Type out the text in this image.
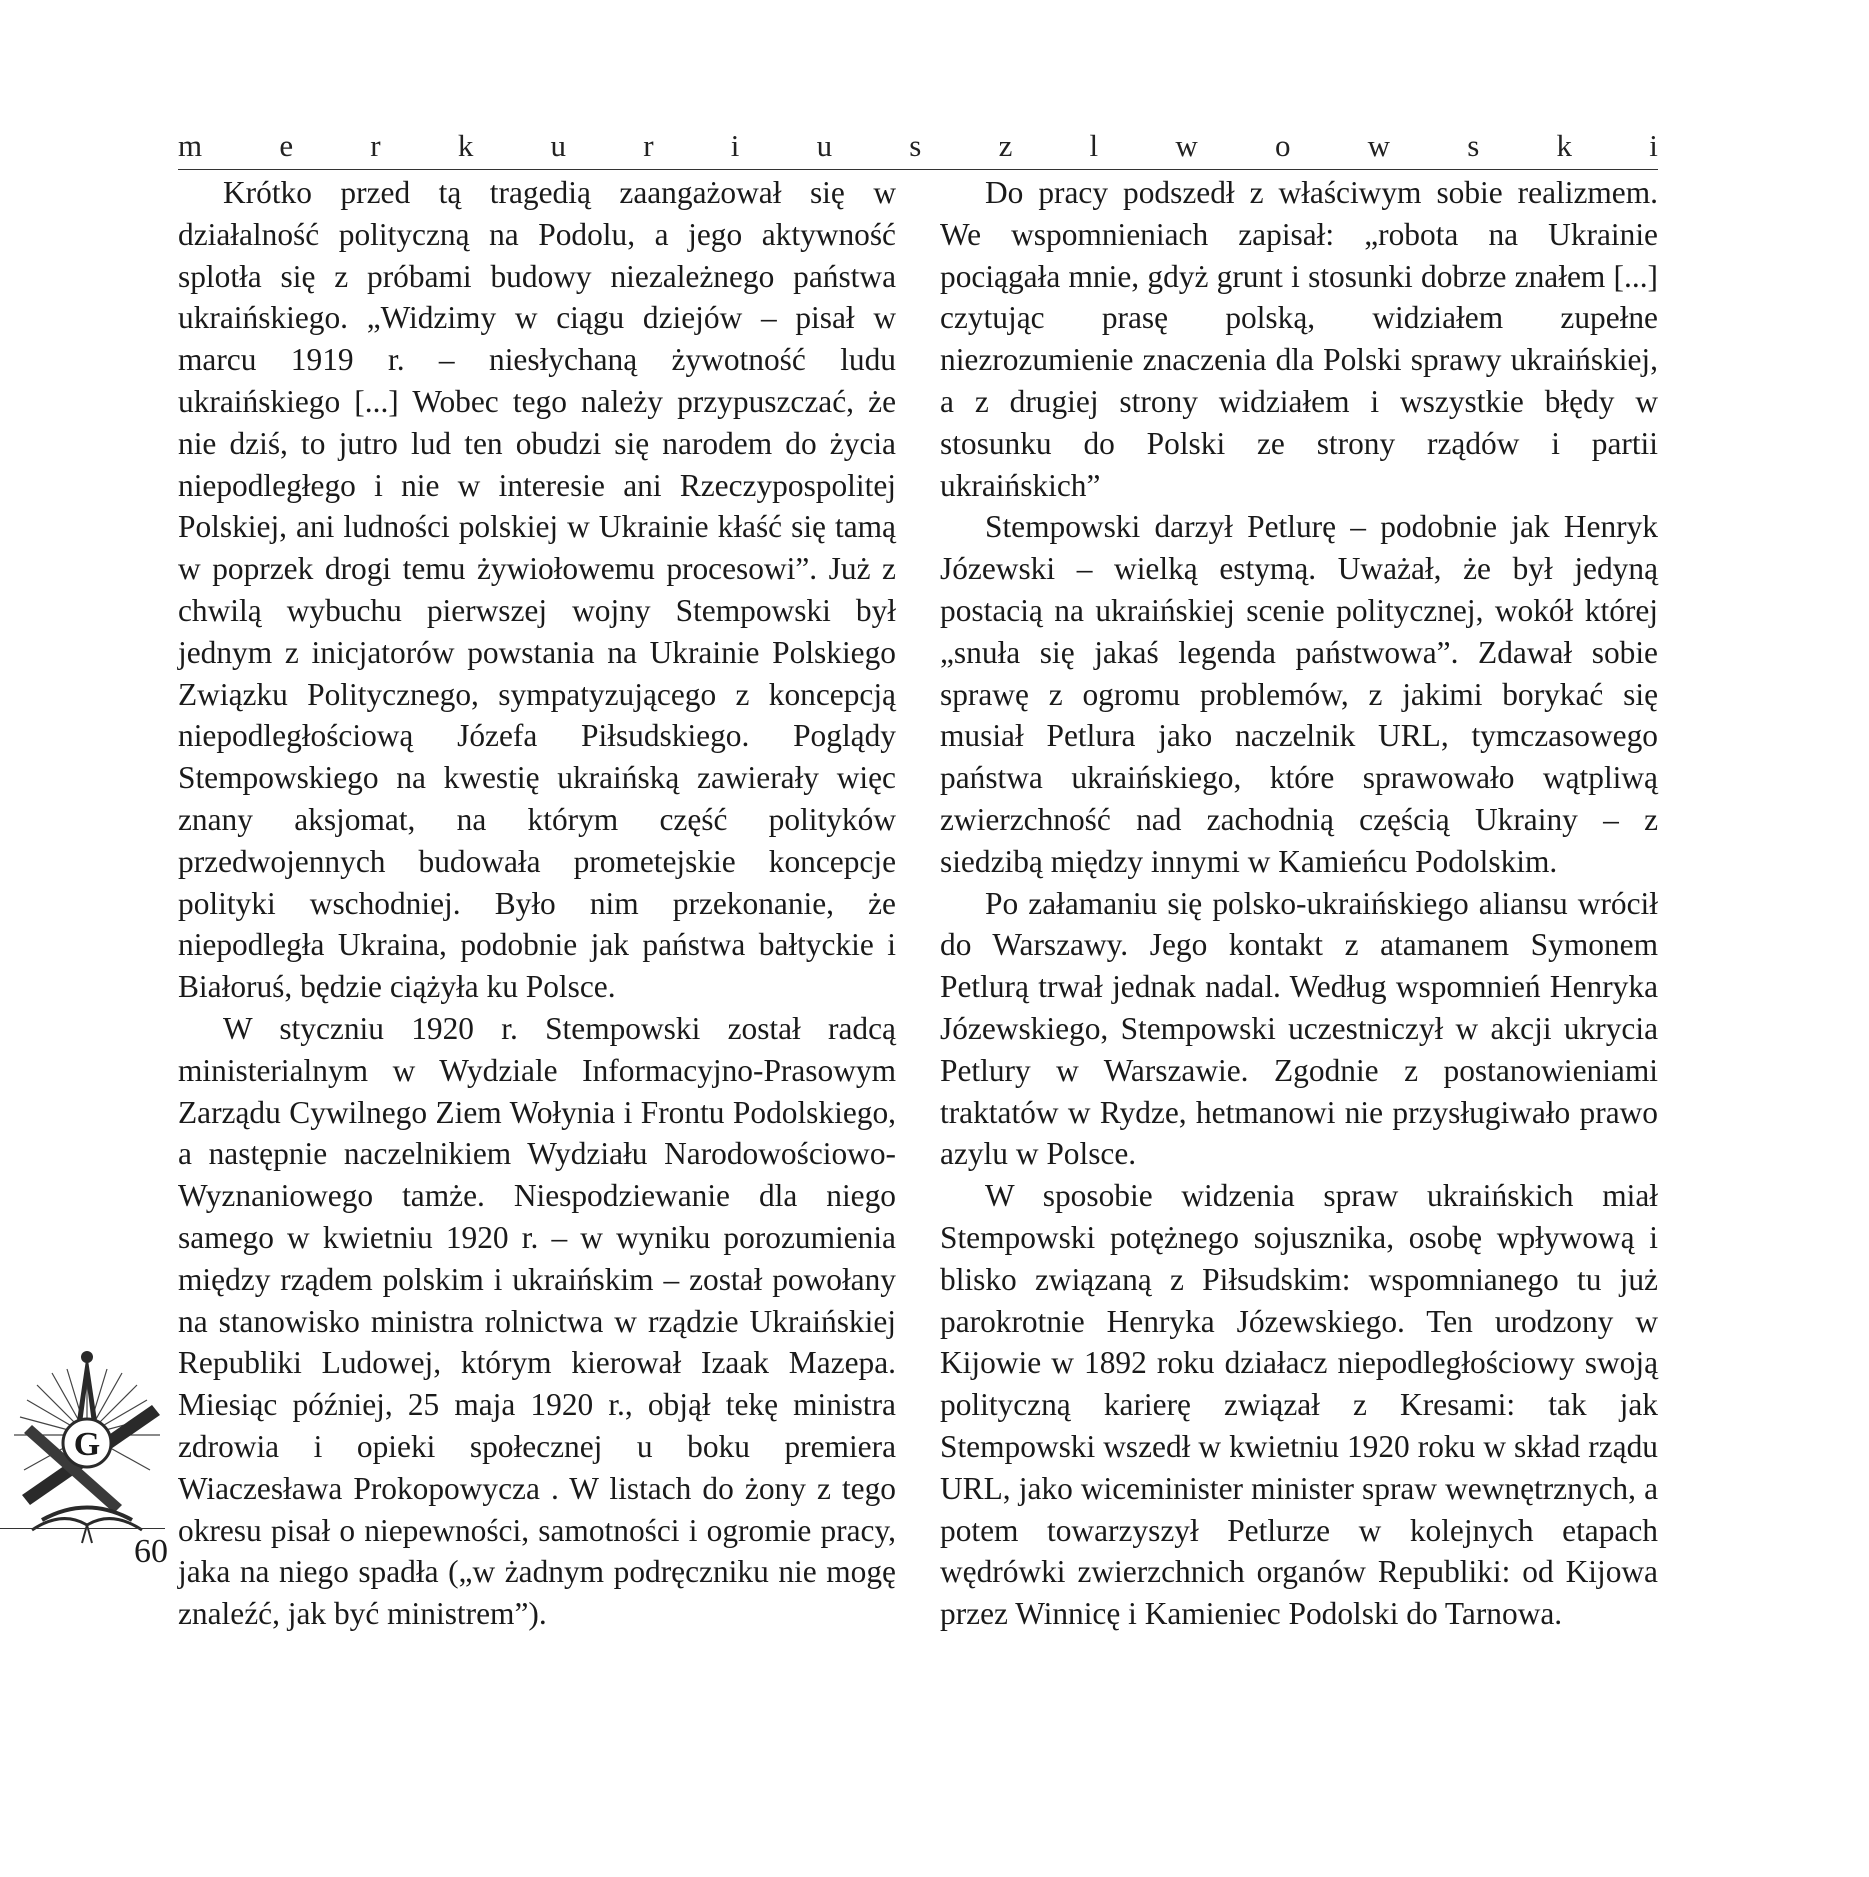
m e r k u r i u s z l w o w s k i

Krótko przed tą tragedią zaangażował się w działalność polityczną na Podolu, a jego aktywność splotła się z próbami budowy niezależnego państwa ukraińskiego. „Widzimy w ciągu dziejów – pisał w marcu 1919 r. – niesłychaną żywotność ludu ukraińskiego [...] Wobec tego należy przypuszczać, że nie dziś, to jutro lud ten obudzi się narodem do życia niepodległego i nie w interesie ani Rzeczypospolitej Polskiej, ani ludności polskiej w Ukrainie kłaść się tamą w poprzek drogi temu żywiołowemu procesowi”. Już z chwilą wybuchu pierwszej wojny Stempowski był jednym z inicjatorów powstania na Ukrainie Polskiego Związku Politycznego, sympatyzującego z koncepcją niepodległościową Józefa Piłsudskiego. Poglądy Stempowskiego na kwestię ukraińską zawierały więc znany aksjomat, na którym część polityków przedwojennych budowała prometejskie koncepcje polityki wschodniej. Było nim przekonanie, że niepodległa Ukraina, podobnie jak państwa bałtyckie i Białoruś, będzie ciążyła ku Polsce.

W styczniu 1920 r. Stempowski został radcą ministerialnym w Wydziale Informacyjno-Prasowym Zarządu Cywilnego Ziem Wołynia i Frontu Podolskiego, a następnie naczelnikiem Wydziału Narodowościowo-Wyznaniowego tamże. Niespodziewanie dla niego samego w kwietniu 1920 r. – w wyniku porozumienia między rządem polskim i ukraińskim – został powołany na stanowisko ministra rolnictwa w rządzie Ukraińskiej Republiki Ludowej, którym kierował Izaak Mazepa. Miesiąc później, 25 maja 1920 r., objął tekę ministra zdrowia i opieki społecznej u boku premiera Wiaczesława Prokopowycza . W listach do żony z tego okresu pisał o niepewności, samotności i ogromie pracy, jaka na niego spadła („w żadnym podręczniku nie mogę znaleźć, jak być ministrem”).

Do pracy podszedł z właściwym sobie realizmem. We wspomnieniach zapisał: „robota na Ukrainie pociągała mnie, gdyż grunt i stosunki dobrze znałem [...] czytując prasę polską, widziałem zupełne niezrozumienie znaczenia dla Polski sprawy ukraińskiej, a z drugiej strony widziałem i wszystkie błędy w stosunku do Polski ze strony rządów i partii ukraińskich”

Stempowski darzył Petlurę – podobnie jak Henryk Józewski – wielką estymą. Uważał, że był jedyną postacią na ukraińskiej scenie politycznej, wokół której „snuła się jakaś legenda państwowa”. Zdawał sobie sprawę z ogromu problemów, z jakimi borykać się musiał Petlura jako naczelnik URL, tymczasowego państwa ukraińskiego, które sprawowało wątpliwą zwierzchność nad zachodnią częścią Ukrainy – z siedzibą między innymi w Kamieńcu Podolskim.

Po załamaniu się polsko-ukraińskiego aliansu wrócił do Warszawy. Jego kontakt z atamanem Symonem Petlurą trwał jednak nadal. Według wspomnień Henryka Józewskiego, Stempowski uczestniczył w akcji ukrycia Petlury w Warszawie. Zgodnie z postanowieniami traktatów w Rydze, hetmanowi nie przysługiwało prawo azylu w Polsce.

W sposobie widzenia spraw ukraińskich miał Stempowski potężnego sojusznika, osobę wpływową i blisko związaną z Piłsudskim: wspomnianego tu już parokrotnie Henryka Józewskiego. Ten urodzony w Kijowie w 1892 roku działacz niepodległościowy swoją polityczną karierę związał z Kresami: tak jak Stempowski wszedł w kwietniu 1920 roku w skład rządu URL, jako wiceminister minister spraw wewnętrznych, a potem towarzyszył Petlurze w kolejnych etapach wędrówki zwierzchnich organów Republiki: od Kijowa przez Winnicę i Kamieniec Podolski do Tarnowa.

G
60
